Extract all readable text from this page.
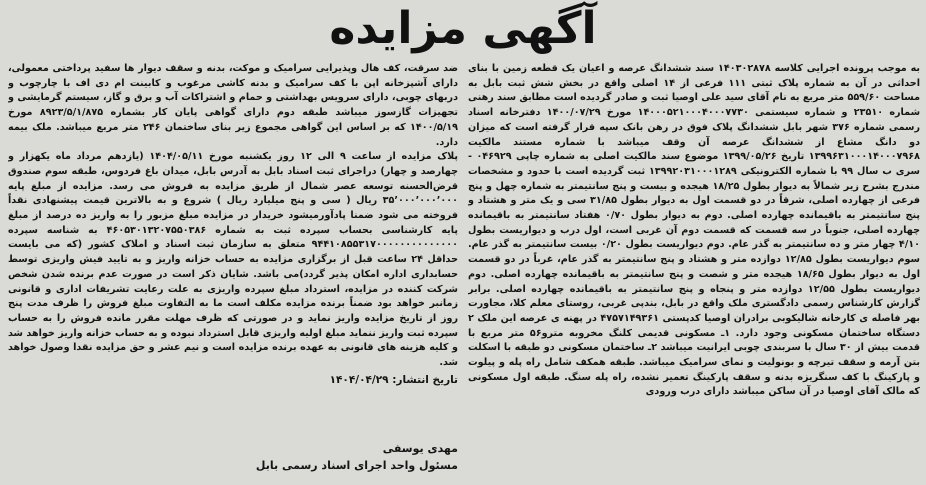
آگهی مزایده

به موجب پرونده اجرایی کلاسه ۱۴۰۳۰۲۸۷۸ سند ششدانگ عرصه و اعیان یک قطعه زمین با بنای احداثی در آن به شماره پلاک ثبتی ۱۱۱ فرعی از ۱۴ اصلی واقع در بخش شش ثبت بابل به مساحت ۵۵۹/۶۰ متر مربع به نام آقای سید علی اوصیا ثبت و صادر گردیده است مطابق سند رهنی شماره ۲۳۵۱۰ و شماره سیستمی ۱۴۰۰۰۵۲۱۰۰۰۴۰۰۰۷۷۳۰ مورخ ۱۴۰۰/۰۷/۲۹ دفترخانه اسناد رسمی شماره ۳۷۶ شهر بابل ششدانگ پلاک فوق در رهن بانک سپه قرار گرفته است که میزان دو دانگ مشاع از ششدانگ عرصه آن وقف میباشد با شماره مستند مالکیت ۱۳۹۹۶۳۱۰۰۰۱۴۰۰۰۷۹۶۸ تاریخ ۱۳۹۹/۰۵/۲۶ موضوع سند مالکیت اصلی به شماره چاپی ۰۴۶۹۲۹ - سری ب سال ۹۹ با شماره الکترونیکی ۱۳۹۹۲۰۳۱۰۰۰۱۲۸۹ ثبت گردیده است با حدود و مشخصات مندرج بشرح زیر شمالاً به دیوار بطول ۱۸/۲۵ هیجده و بیست و پنج سانتیمتر به شماره چهل و پنج فرعی از چهارده اصلی، شرقاً در دو قسمت اول به دیوار بطول ۳۱/۸۵ سی و یک متر و هشتاد و پنج سانتیمتر به باقیمانده چهارده اصلی. دوم به دیوار بطول ۰/۷۰ هفتاد سانتیمتر به باقیمانده چهارده اصلی، جنوباً در سه قسمت که قسمت دوم آن غربی است، اول درب و دیواریست بطول ۴/۱۰ چهار متر و ده سانتیمتر به گذر عام. دوم دیواریست بطول ۰/۲۰ بیست سانتیمتر به گذر عام. سوم دیواریست بطول ۱۲/۸۵ دوازده متر و هشتاد و پنج سانتیمتر به گذر عام، غرباً در دو قسمت اول به دیوار بطول ۱۸/۶۵ هیجده متر و شصت و پنج سانتیمتر به باقیمانده چهارده اصلی. دوم دیواریست بطول ۱۲/۵۵ دوازده متر و پنجاه و پنج سانتیمتر به باقیمانده چهارده اصلی. برابر گزارش کارشناس رسمی دادگستری ملک واقع در بابل، بندپی غربی، روستای معلم کلا، مجاورت بهر فاصله ی کارخانه شالیکوبی برادران اوصیا کدپستی ۴۷۵۷۱۴۹۳۶۱ در پهنه ی عرصه این ملک ۲ دستگاه ساختمان مسکونی وجود دارد. ۱ـ مسکونی قدیمی کلنگ مخروبه مترو۵۶ متر مربع با قدمت بیش از ۳۰ سال با سربندی چوبی ایرانیت میباشد ۲ـ ساختمان مسکونی دو طبقه با اسکلت بتن آرمه و سقف تیرچه و بونولیت و نمای سرامیک میباشد. طبقه همکف شامل راه پله و پیلوت و پارکینگ با کف سنگریزه بدنه و سقف پارکینگ تعمیر نشده، راه پله سنگ. طبقه اول مسکونی که مالک آقای اوصیا در آن ساکن میباشد دارای درب ورودی

ضد سرقت، کف هال وپذیرایی سرامیک و موکت، بدنه و سقف دیوار ها سفید پرداختی معمولی، دارای آشپزخانه اپن با کف سرامیک و بدنه کاشی مرغوب و کابینت ام دی اف با چارچوب و دربهای چوبی، دارای سرویس بهداشتی و حمام و اشتراکات آب و برق و گاز، سیستم گرمایشی و تجهیزات گازسوز میباشد طبقه دوم دارای گواهی پایان کار بشماره ۸۹۲۳/۵/۱/۸۷۵ مورخ ۱۴۰۰/۵/۱۹ که بر اساس این گواهی مجموع زیر بنای ساختمان ۲۴۶ متر مربع میباشد. ملک بیمه دارد.

پلاک مزایده از ساعت ۹ الی ۱۲ روز یکشنبه مورخ ۱۴۰۴/۰۵/۱۱ (یازدهم مرداد ماه یکهزار و چهارصد و چهار) دراجرای ثبت اسناد بابل به آدرس بابل، میدان باغ فردوس، طبقه سوم صندوق قرض‌الحسنه توسعه عصر شمال از طریق مزایده به فروش می رسد. مزایده از مبلغ پایه ۳۵٬۰۰۰٬۰۰۰٬۰۰۰ ریال ( سی و پنج میلیارد ریال ) شروع و به بالاترین قیمت پیشنهادی نقداً فروخته می شود ضمنا پادآورمیشود خریدار در مزایده مبلغ مزبور را به واریز ده درصد از مبلغ پایه کارشناسی بحساب سپرده ثبت به شماره ۴۶۰۵۳۰۱۳۲۰۷۵۵۰۳۸۶ به شناسه سپرده ۹۴۴۱۰۸۵۵۳۱۷۰۰۰۰۰۰۰۰۰۰۰۰۰۰ متعلق به سازمان ثبت اسناد و املاک کشور (که می بایست حداقل ۲۴ ساعت قبل از برگزاری مزایده به حساب خزانه واریز و به تایید فیش واریزی توسط حسابداری اداره امکان پذیر گردد)می باشد. شایان ذکر است در صورت عدم برنده شدن شخص شرکت کننده در مزایده، استرداد مبلغ سپرده واریزی به علت رعایت تشریفات اداری و قانونی زمانبر خواهد بود ضمناً برنده مزایده مکلف است ما به التفاوت مبلغ فروش را ظرف مدت پنج روز از تاریخ مزایده واریز نماید و در صورتی که ظرف مهلت مقرر مانده فروش را به حساب سپرده ثبت واریز ننماید مبلغ اولیه واریزی قابل استرداد نبوده و به حساب خزانه واریز خواهد شد و کلیه هزینه های قانونی به عهده برنده مزایده است و نیم عشر و حق مزایده نقدا وصول خواهد شد.

تاریخ انتشار: ۱۴۰۴/۰۴/۲۹

مهدی یوسفی
مسئول واحد اجرای اسناد رسمی بابل
